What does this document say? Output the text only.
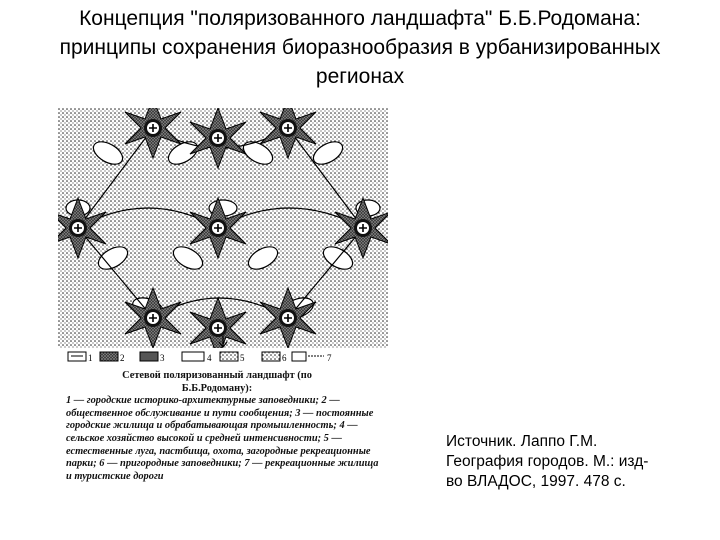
Концепция "поляризованного ландшафта" Б.Б.Родомана:
принципы сохранения биоразнообразия в урбанизированных
регионах
1	2	3	4	5	6	7
Сетевой поляризованный ландшафт (по Б.Б.Родоману):
1 — городские историко-архитектурные заповедники; 2 — общественное обслуживание и пути сообщения; 3 — постоянные городские жилища и обрабатывающая промышленность; 4 — сельское хозяйство высокой и средней интенсивности; 5 — естественные луга, пастбища, охота, загородные рекреационные парки; 6 — пригородные заповедники; 7 — рекреационные жилища и туристские дороги
Источник. Лаппо Г.М.
География городов. М.: изд-
во ВЛАДОС, 1997. 478 с.
